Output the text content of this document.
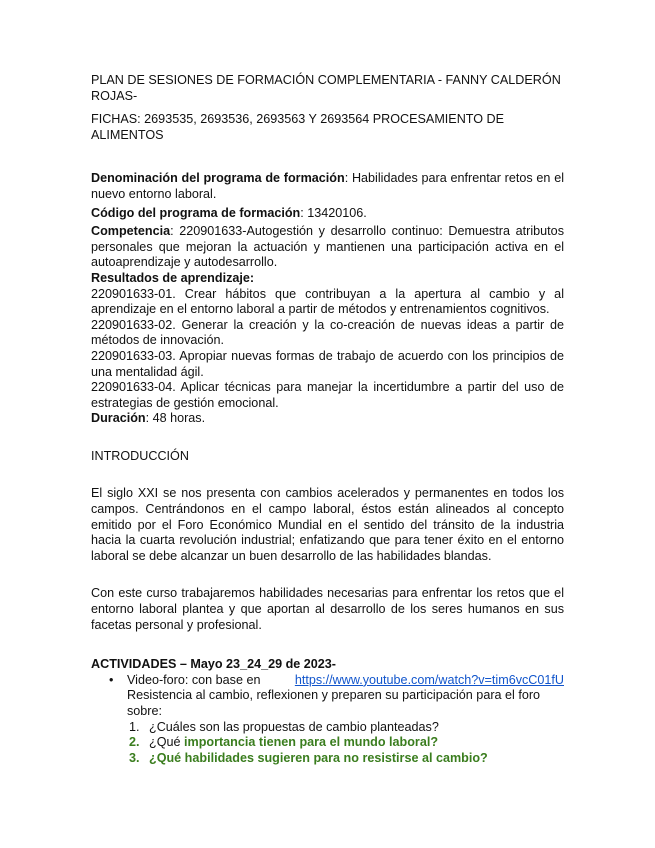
PLAN DE SESIONES DE FORMACIÓN COMPLEMENTARIA - FANNY CALDERÓN ROJAS-

FICHAS: 2693535, 2693536, 2693563 Y 2693564 PROCESAMIENTO DE ALIMENTOS

Denominación del programa de formación: Habilidades para enfrentar retos en el nuevo entorno laboral.

Código del programa de formación: 13420106.

Competencia: 220901633-Autogestión y desarrollo continuo: Demuestra atributos personales que mejoran la actuación y mantienen una participación activa en el autoaprendizaje y autodesarrollo.

Resultados de aprendizaje:

220901633-01. Crear hábitos que contribuyan a la apertura al cambio y al aprendizaje en el entorno laboral a partir de métodos y entrenamientos cognitivos.

220901633-02. Generar la creación y la co-creación de nuevas ideas a partir de métodos de innovación.

220901633-03. Apropiar nuevas formas de trabajo de acuerdo con los principios de una mentalidad ágil.

220901633-04. Aplicar técnicas para manejar la incertidumbre a partir del uso de estrategias de gestión emocional.

Duración: 48 horas.

INTRODUCCIÓN

El siglo XXI se nos presenta con cambios acelerados y permanentes en todos los campos. Centrándonos en el campo laboral, éstos están alineados al concepto emitido por el Foro Económico Mundial en el sentido del tránsito de la industria hacia la cuarta revolución industrial; enfatizando que para tener éxito en el entorno laboral se debe alcanzar un buen desarrollo de las habilidades blandas.

Con este curso trabajaremos habilidades necesarias para enfrentar los retos que el entorno laboral plantea y que aportan al desarrollo de los seres humanos en sus facetas personal y profesional.

ACTIVIDADES – Mayo 23_24_29 de 2023-

• Video-foro: con base en	https://www.youtube.com/watch?v=tim6vcC01fU
Resistencia al cambio, reflexionen y preparen su participación para el foro sobre:
1. ¿Cuáles son las propuestas de cambio planteadas?
2. ¿Qué importancia tienen para el mundo laboral?
3. ¿Qué habilidades sugieren para no resistirse al cambio?
